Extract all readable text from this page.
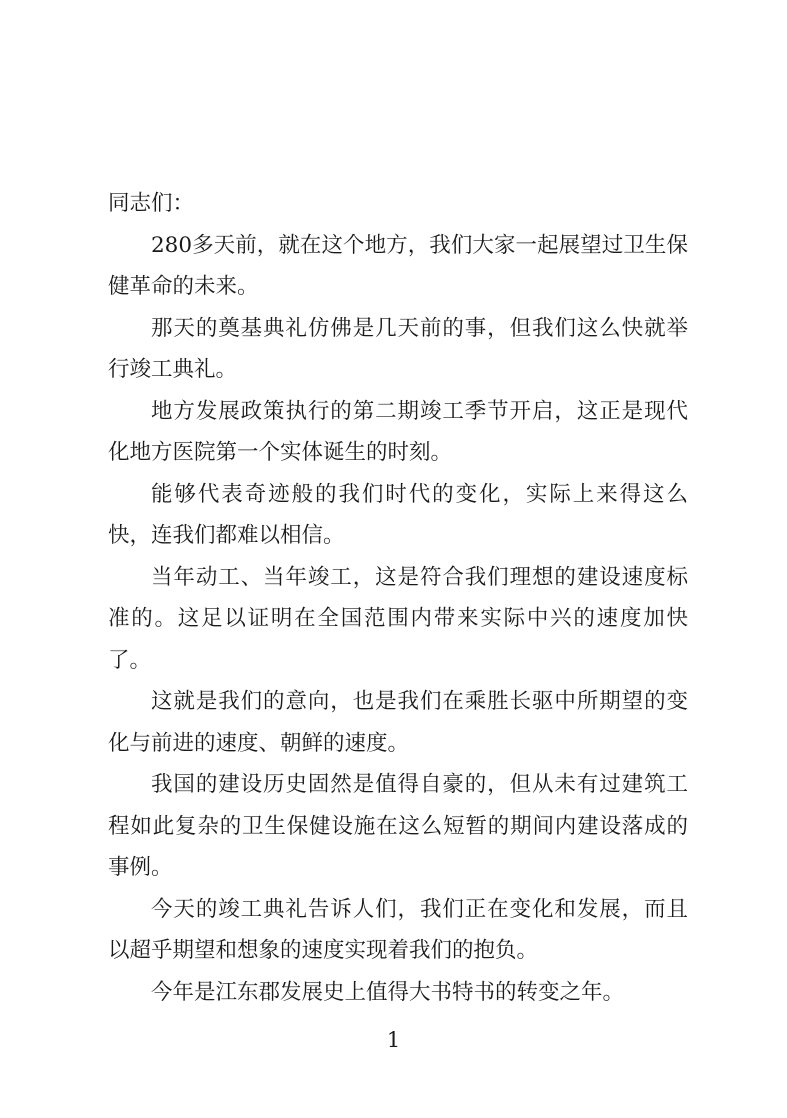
同志们：

280多天前，就在这个地方，我们大家一起展望过卫生保健革命的未来。

那天的奠基典礼仿佛是几天前的事，但我们这么快就举行竣工典礼。

地方发展政策执行的第二期竣工季节开启，这正是现代化地方医院第一个实体诞生的时刻。

能够代表奇迹般的我们时代的变化，实际上来得这么快，连我们都难以相信。

当年动工、当年竣工，这是符合我们理想的建设速度标准的。这足以证明在全国范围内带来实际中兴的速度加快了。

这就是我们的意向，也是我们在乘胜长驱中所期望的变化与前进的速度、朝鲜的速度。

我国的建设历史固然是值得自豪的，但从未有过建筑工程如此复杂的卫生保健设施在这么短暂的期间内建设落成的事例。

今天的竣工典礼告诉人们，我们正在变化和发展，而且以超乎期望和想象的速度实现着我们的抱负。

今年是江东郡发展史上值得大书特书的转变之年。

1
